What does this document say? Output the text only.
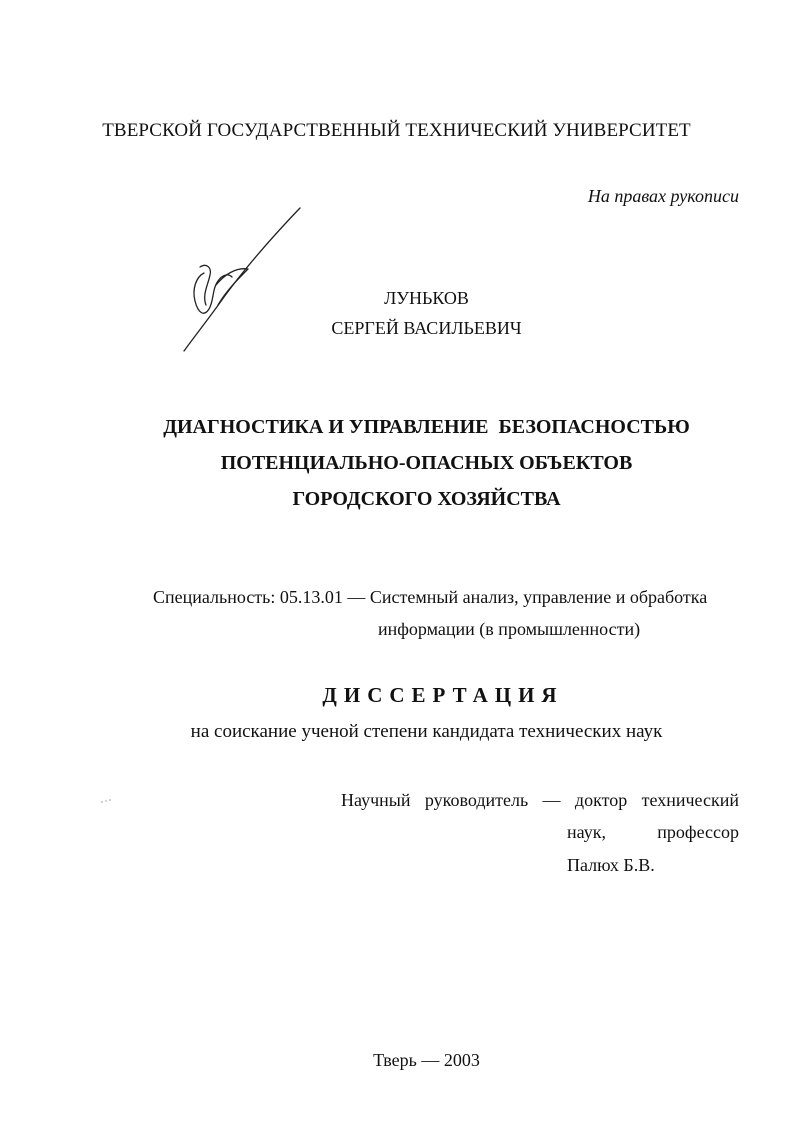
ТВЕРСКОЙ ГОСУДАРСТВЕННЫЙ ТЕХНИЧЕСКИЙ УНИВЕРСИТЕТ
На правах рукописи
ЛУНЬКОВ
СЕРГЕЙ ВАСИЛЬЕВИЧ
ДИАГНОСТИКА И УПРАВЛЕНИЕ  БЕЗОПАСНОСТЬЮ
ПОТЕНЦИАЛЬНО-ОПАСНЫХ ОБЪЕКТОВ
ГОРОДСКОГО ХОЗЯЙСТВА
Специальность: 05.13.01 — Системный анализ, управление и обработка
информации (в промышленности)
ДИССЕРТАЦИЯ
на соискание ученой степени кандидата технических наук
Научный руководитель — доктор технический
наук,	профессор
Палюх Б.В.
Тверь — 2003
